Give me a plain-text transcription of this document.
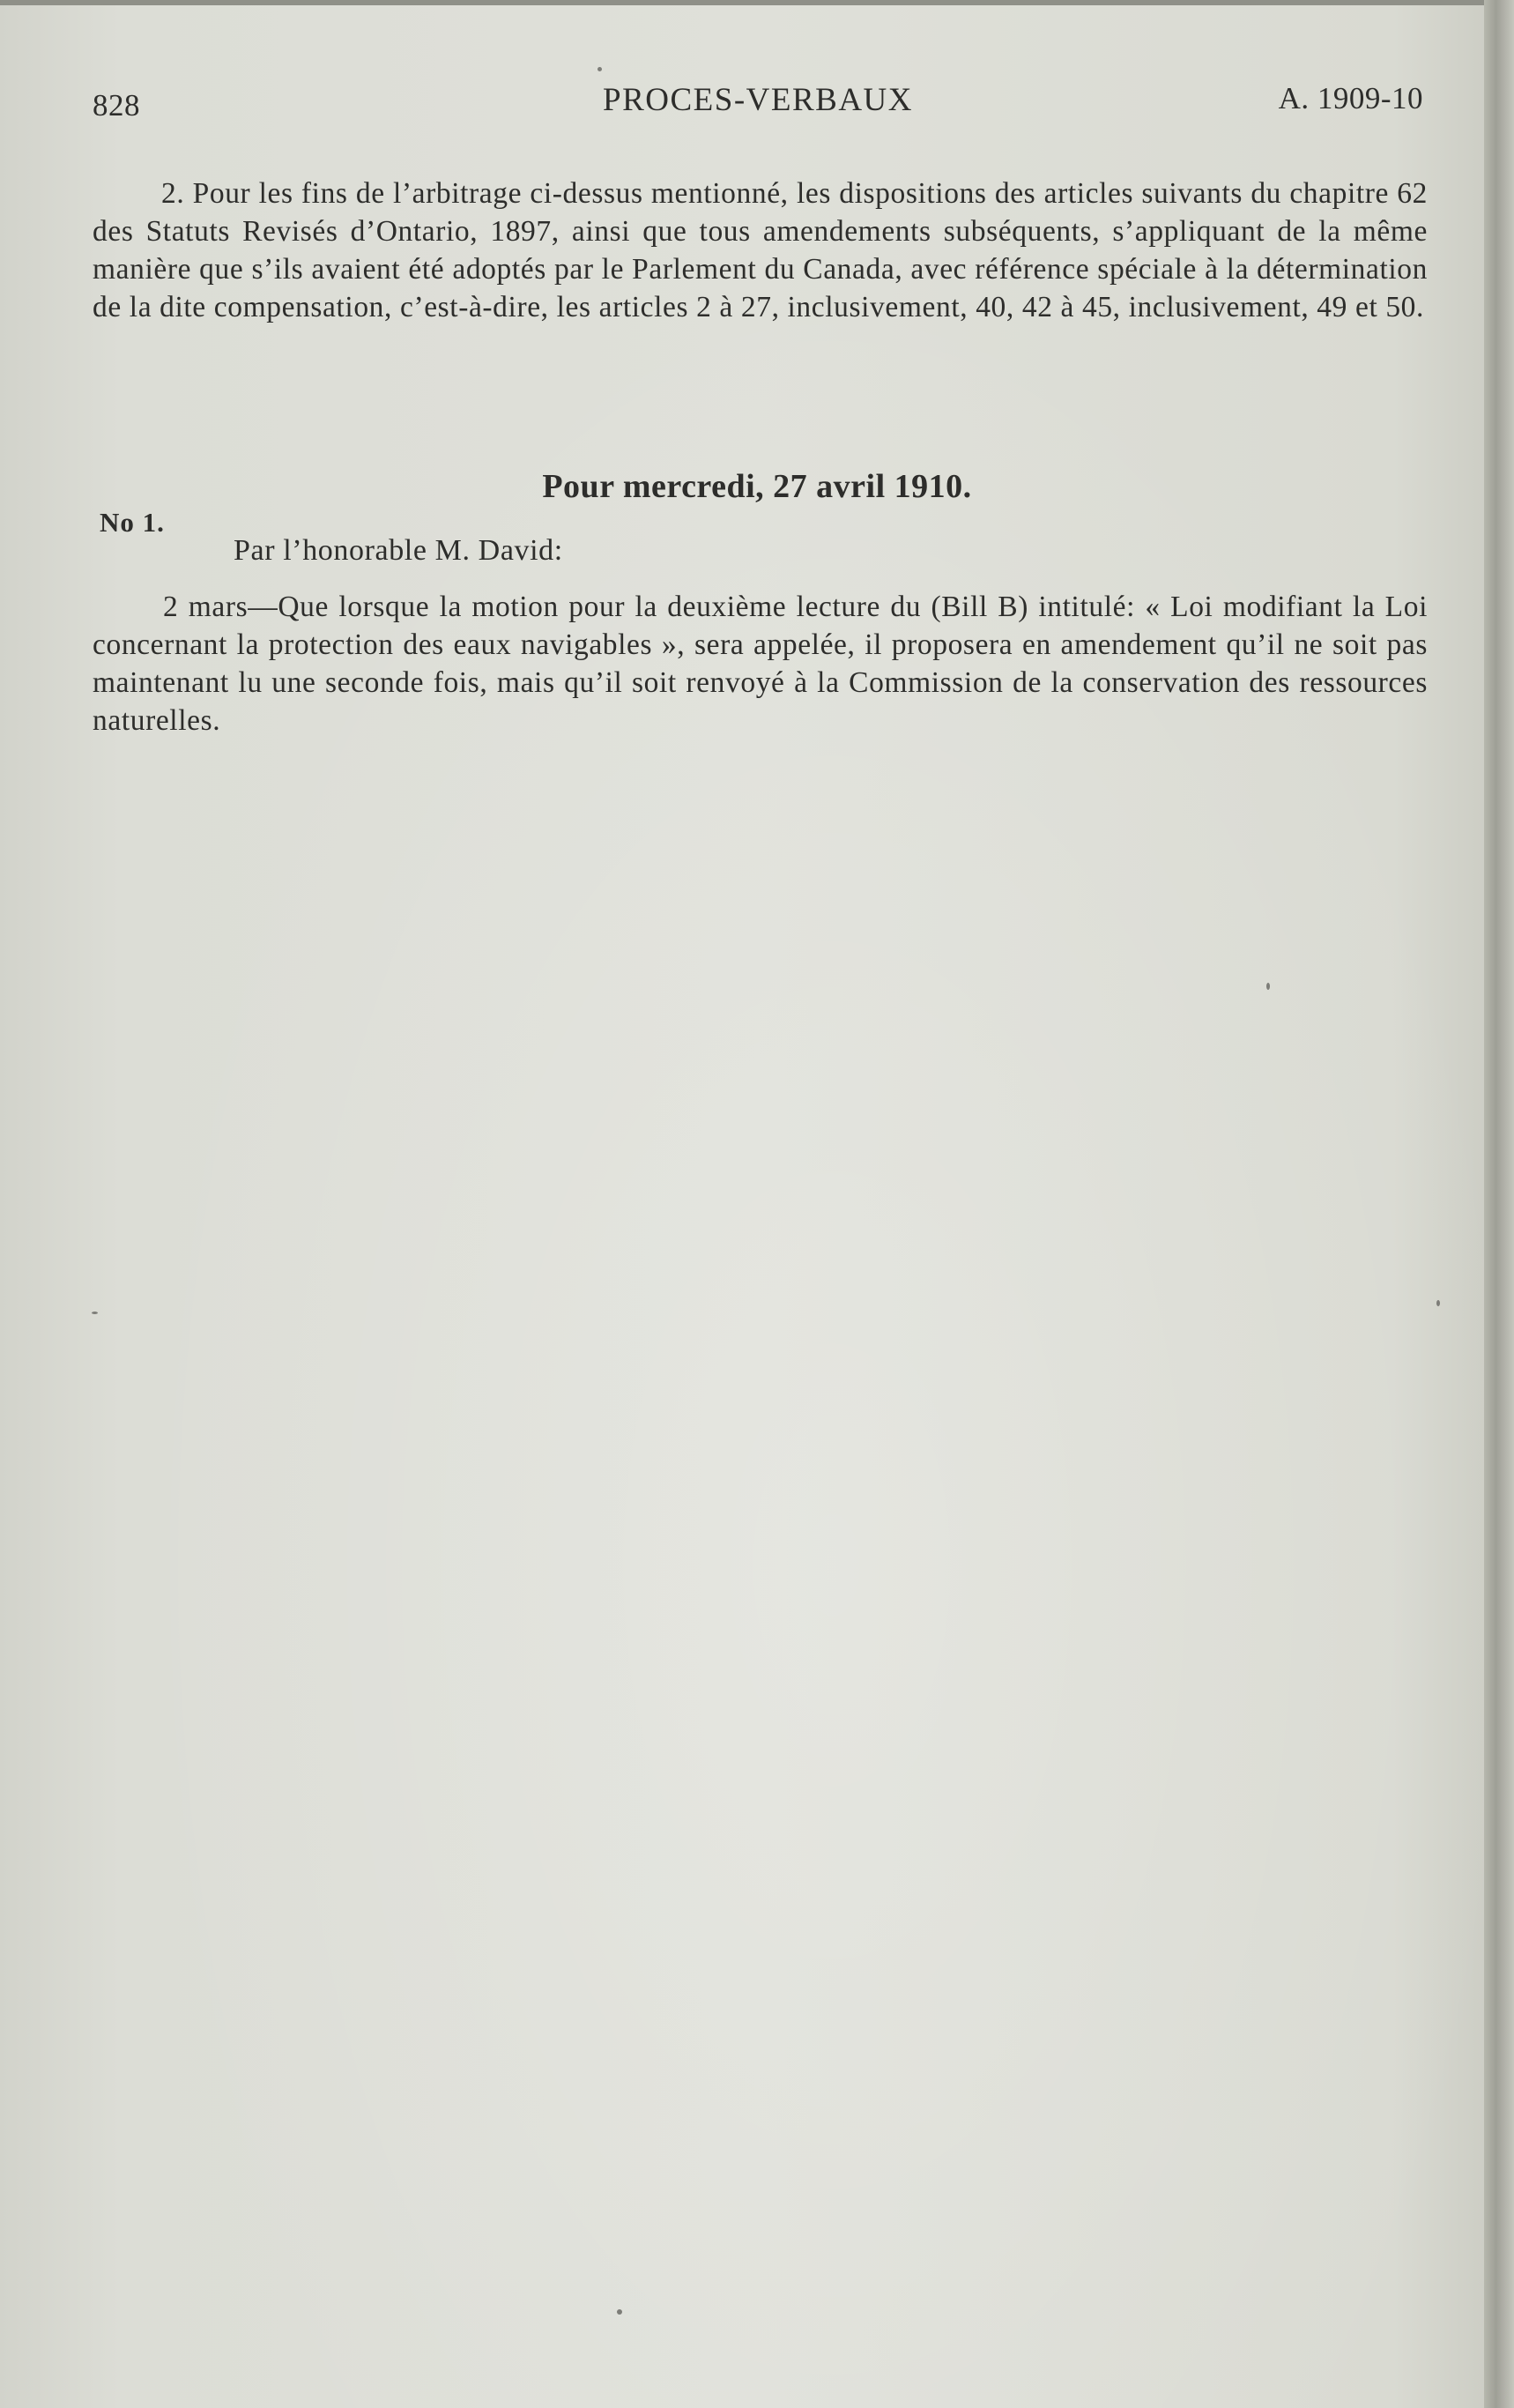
828	PROCES-VERBAUX	A. 1909-10

2. Pour les fins de l’arbitrage ci-dessus mentionné, les dispositions des articles suivants du chapitre 62 des Statuts Revisés d’Ontario, 1897, ainsi que tous amendements subséquents, s’appliquant de la même manière que s’ils avaient été adoptés par le Parlement du Canada, avec référence spéciale à la détermination de la dite compensation, c’est-à-dire, les articles 2 à 27, inclusivement, 40, 42 à 45, inclusivement, 49 et 50.

Pour mercredi, 27 avril 1910.
No 1.
Par l’honorable M. David:

2 mars—Que lorsque la motion pour la deuxième lecture du (Bill B) intitulé: « Loi modifiant la Loi concernant la protection des eaux navigables », sera appelée, il proposera en amendement qu’il ne soit pas maintenant lu une seconde fois, mais qu’il soit renvoyé à la Commission de la conservation des ressources naturelles.
